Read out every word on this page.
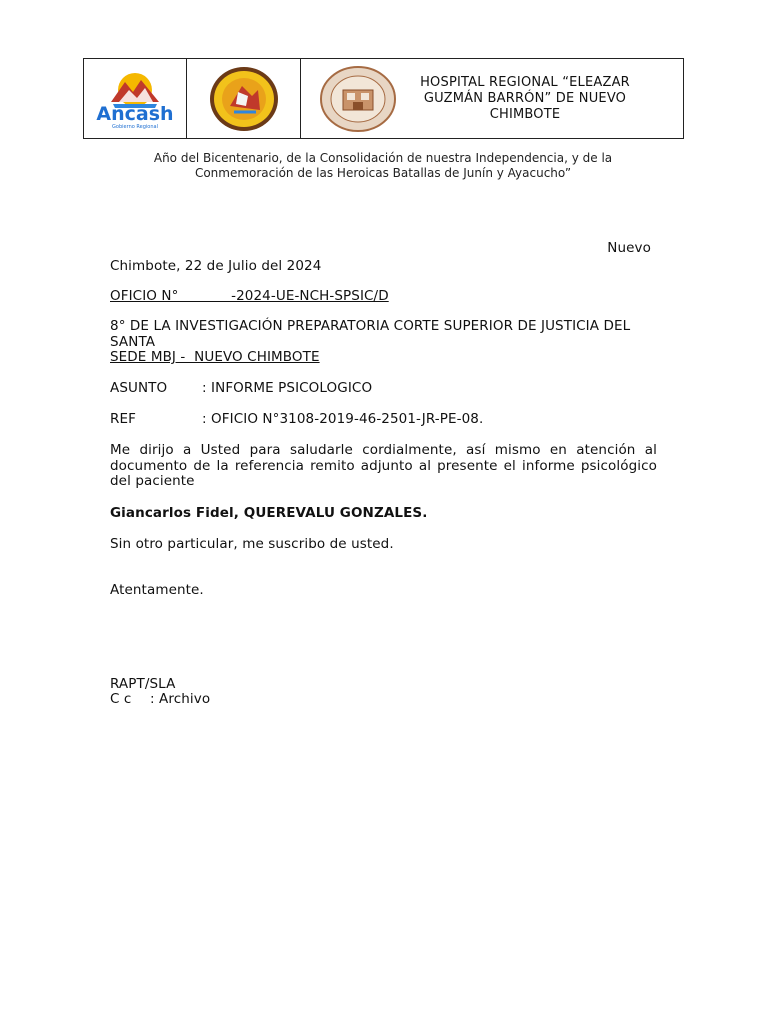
Ancash
Gobierno Regional
HOSPITAL REGIONAL “ELEAZAR GUZMÁN BARRÓN” DE NUEVO CHIMBOTE
Año del Bicentenario, de la Consolidación de nuestra Independencia, y de la Conmemoración de las Heroicas Batallas de Junín y Ayacucho”
Nuevo
Chimbote, 22 de Julio del 2024
OFICIO N°            -2024-UE-NCH-SPSIC/D
8° DE LA INVESTIGACIÓN PREPARATORIA CORTE SUPERIOR DE JUSTICIA DEL SANTA
SEDE MBJ -  NUEVO CHIMBOTE
ASUNTO	: INFORME PSICOLOGICO
REF	: OFICIO N°3108-2019-46-2501-JR-PE-08.
Me dirijo a Usted para saludarle cordialmente, así mismo en atención al documento de la referencia remito adjunto al presente el informe psicológico del paciente
Giancarlos Fidel, QUEREVALU GONZALES.
Sin otro particular, me suscribo de usted.
Atentamente.
RAPT/SLA
C c : Archivo
